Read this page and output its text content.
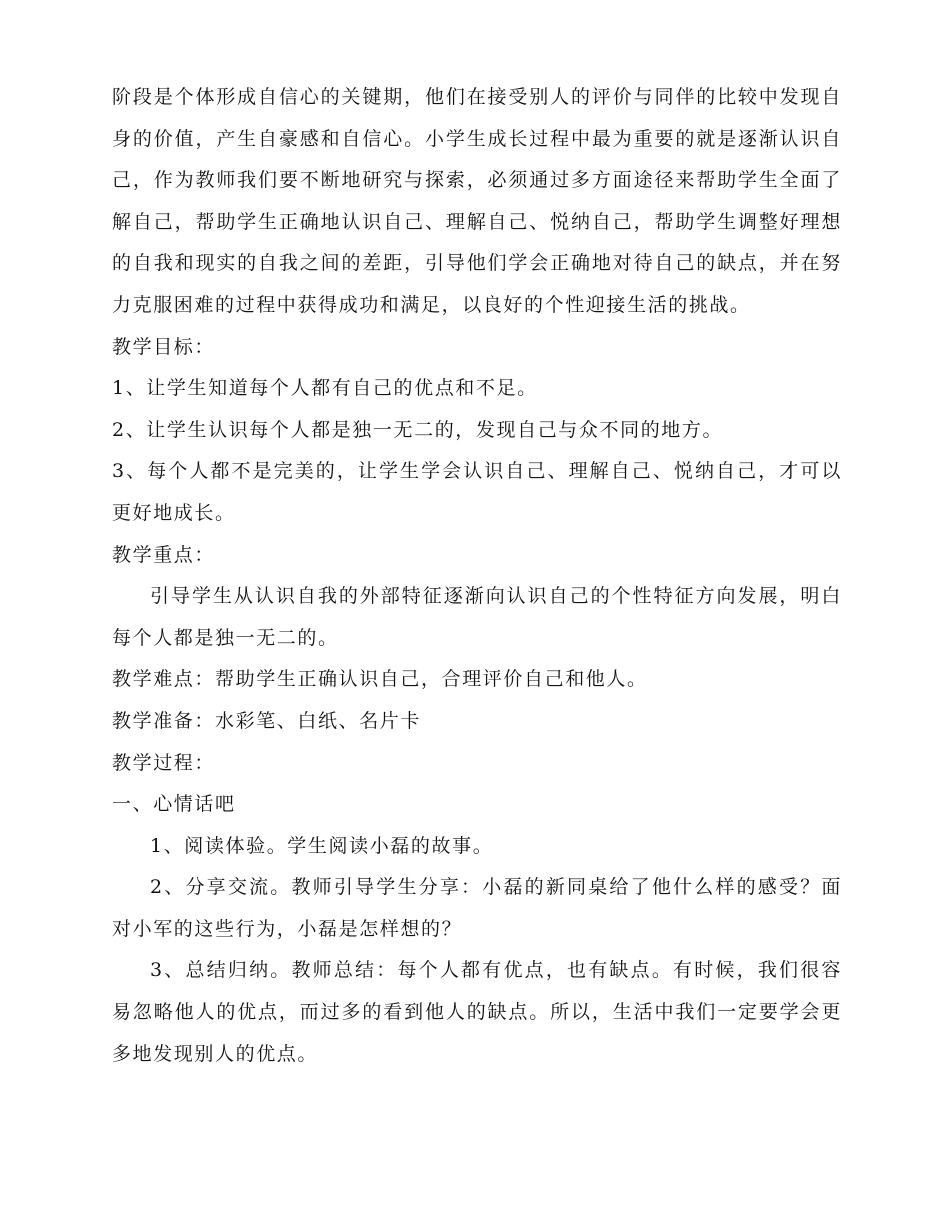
阶段是个体形成自信心的关键期，他们在接受别人的评价与同伴的比较中发现自身的价值，产生自豪感和自信心。小学生成长过程中最为重要的就是逐渐认识自己，作为教师我们要不断地研究与探索，必须通过多方面途径来帮助学生全面了解自己，帮助学生正确地认识自己、理解自己、悦纳自己，帮助学生调整好理想的自我和现实的自我之间的差距，引导他们学会正确地对待自己的缺点，并在努力克服困难的过程中获得成功和满足，以良好的个性迎接生活的挑战。

教学目标：

1、让学生知道每个人都有自己的优点和不足。

2、让学生认识每个人都是独一无二的，发现自己与众不同的地方。

3、每个人都不是完美的，让学生学会认识自己、理解自己、悦纳自己，才可以更好地成长。

教学重点：

引导学生从认识自我的外部特征逐渐向认识自己的个性特征方向发展，明白每个人都是独一无二的。

教学难点：帮助学生正确认识自己，合理评价自己和他人。

教学准备：水彩笔、白纸、名片卡

教学过程：

一、心情话吧

1、阅读体验。学生阅读小磊的故事。

2、分享交流。教师引导学生分享：小磊的新同桌给了他什么样的感受？面对小军的这些行为，小磊是怎样想的？

3、总结归纳。教师总结：每个人都有优点，也有缺点。有时候，我们很容易忽略他人的优点，而过多的看到他人的缺点。所以，生活中我们一定要学会更多地发现别人的优点。
